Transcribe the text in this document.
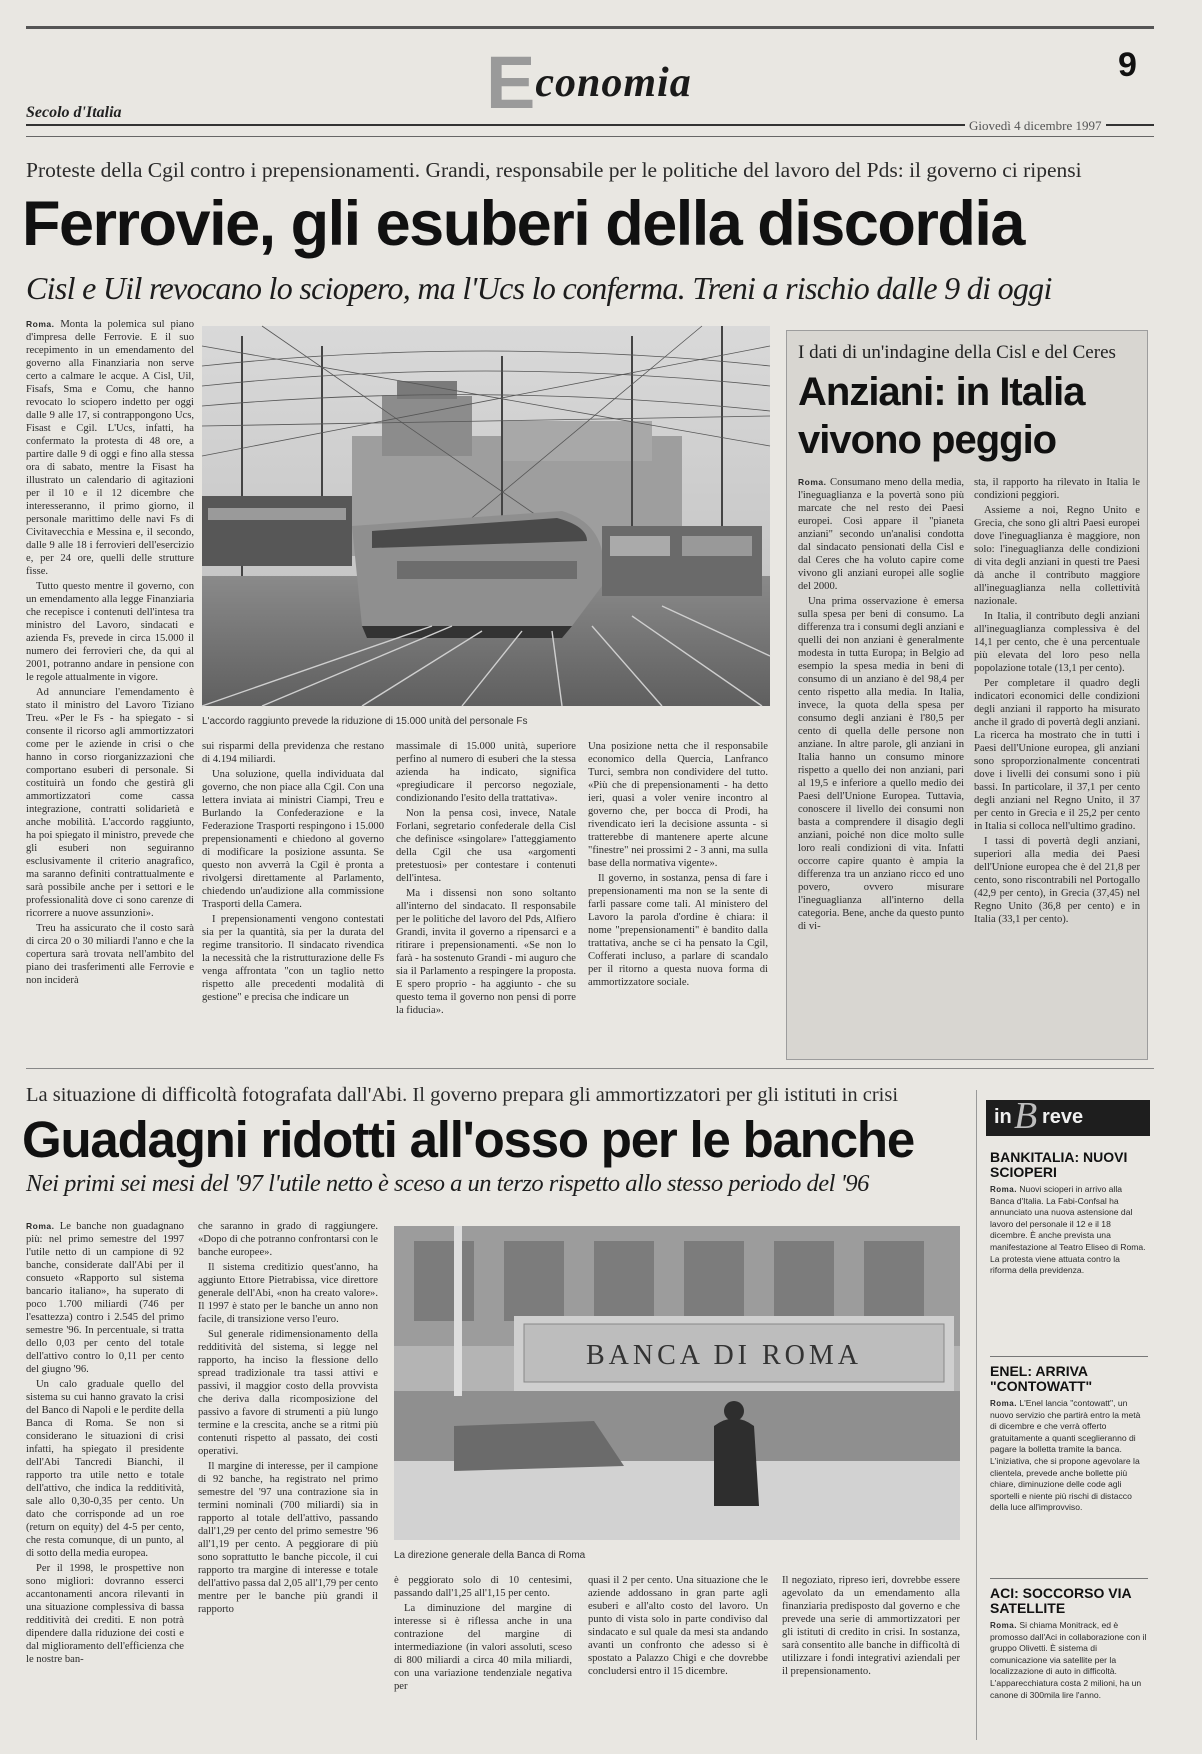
Economia	9
Secolo d'Italia
Giovedì 4 dicembre 1997
Proteste della Cgil contro i prepensionamenti. Grandi, responsabile per le politiche del lavoro del Pds: il governo ci ripensi
Ferrovie, gli esuberi della discordia
Cisl e Uil revocano lo sciopero, ma l'Ucs lo conferma. Treni a rischio dalle 9 di oggi

Roma. Monta la polemica sul piano d'impresa delle Ferrovie. E il suo recepimento in un emendamento del governo alla Finanziaria non serve certo a calmare le acque. A Cisl, Uil, Fisafs, Sma e Comu, che hanno revocato lo sciopero indetto per oggi dalle 9 alle 17, si contrappongono Ucs, Fisast e Cgil. L'Ucs, infatti, ha confermato la protesta di 48 ore, a partire dalle 9 di oggi e fino alla stessa ora di sabato, mentre la Fisast ha illustrato un calendario di agitazioni per il 10 e il 12 dicembre che interesseranno, il primo giorno, il personale marittimo delle navi Fs di Civitavecchia e Messina e, il secondo, dalle 9 alle 18 i ferrovieri dell'esercizio e, per 24 ore, quelli delle strutture fisse.

Tutto questo mentre il governo, con un emendamento alla legge Finanziaria che recepisce i contenuti dell'intesa tra ministro del Lavoro, sindacati e azienda Fs, prevede in circa 15.000 il numero dei ferrovieri che, da qui al 2001, potranno andare in pensione con le regole attualmente in vigore.

Ad annunciare l'emendamento è stato il ministro del Lavoro Tiziano Treu. «Per le Fs - ha spiegato - si consente il ricorso agli ammortizzatori come per le aziende in crisi o che hanno in corso riorganizzazioni che comportano esuberi di personale. Si costituirà un fondo che gestirà gli ammortizzatori come cassa integrazione, contratti solidarietà e anche mobilità. L'accordo raggiunto, ha poi spiegato il ministro, prevede che gli esuberi non seguiranno esclusivamente il criterio anagrafico, ma saranno definiti contrattualmente e sarà possibile anche per i settori e le professionalità dove ci sono carenze di ricorrere a nuove assunzioni».

Treu ha assicurato che il costo sarà di circa 20 o 30 miliardi l'anno e che la copertura sarà trovata nell'ambito del piano dei trasferimenti alle Ferrovie e non inciderà

L'accordo raggiunto prevede la riduzione di 15.000 unità del personale Fs

sui risparmi della previdenza che restano di 4.194 miliardi.

Una soluzione, quella individuata dal governo, che non piace alla Cgil. Con una lettera inviata ai ministri Ciampi, Treu e Burlando la Confederazione e la Federazione Trasporti respingono i 15.000 prepensionamenti e chiedono al governo di modificare la posizione assunta. Se questo non avverrà la Cgil è pronta a rivolgersi direttamente al Parlamento, chiedendo un'audizione alla commissione Trasporti della Camera.

I prepensionamenti vengono contestati sia per la quantità, sia per la durata del regime transitorio. Il sindacato rivendica la necessità che la ristrutturazione delle Fs venga affrontata "con un taglio netto rispetto alle precedenti modalità di gestione" e precisa che indicare un

massimale di 15.000 unità, superiore perfino al numero di esuberi che la stessa azienda ha indicato, significa «pregiudicare il percorso negoziale, condizionando l'esito della trattativa».

Non la pensa così, invece, Natale Forlani, segretario confederale della Cisl che definisce «singolare» l'atteggiamento della Cgil che usa «argomenti pretestuosi» per contestare i contenuti dell'intesa.

Ma i dissensi non sono soltanto all'interno del sindacato. Il responsabile per le politiche del lavoro del Pds, Alfiero Grandi, invita il governo a ripensarci e a ritirare i prepensionamenti. «Se non lo farà - ha sostenuto Grandi - mi auguro che sia il Parlamento a respingere la proposta. E spero proprio - ha aggiunto - che su questo tema il governo non pensi di porre la fiducia».

Una posizione netta che il responsabile economico della Quercia, Lanfranco Turci, sembra non condividere del tutto. «Più che di prepensionamenti - ha detto ieri, quasi a voler venire incontro al governo che, per bocca di Prodi, ha rivendicato ieri la decisione assunta - si tratterebbe di mantenere aperte alcune "finestre" nei prossimi 2 - 3 anni, ma sulla base della normativa vigente».

Il governo, in sostanza, pensa di fare i prepensionamenti ma non se la sente di farli passare come tali. Al ministero del Lavoro la parola d'ordine è chiara: il nome "prepensionamenti" è bandito dalla trattativa, anche se ci ha pensato la Cgil, Cofferati incluso, a parlare di scandalo per il ritorno a questa nuova forma di ammortizzatore sociale.

I dati di un'indagine della Cisl e del Ceres
Anziani: in Italia vivono peggio

Roma. Consumano meno della media, l'ineguaglianza e la povertà sono più marcate che nel resto dei Paesi europei. Così appare il "pianeta anziani" secondo un'analisi condotta dal sindacato pensionati della Cisl e dal Ceres che ha voluto capire come vivono gli anziani europei alle soglie del 2000.

Una prima osservazione è emersa sulla spesa per beni di consumo. La differenza tra i consumi degli anziani e quelli dei non anziani è generalmente modesta in tutta Europa; in Belgio ad esempio la spesa media in beni di consumo di un anziano è del 98,4 per cento rispetto alla media. In Italia, invece, la quota della spesa per consumo degli anziani è l'80,5 per cento di quella delle persone non anziane. In altre parole, gli anziani in Italia hanno un consumo minore rispetto a quello dei non anziani, pari al 19,5 e inferiore a quello medio dei Paesi dell'Unione Europea. Tuttavia, conoscere il livello dei consumi non basta a comprendere il disagio degli anziani, poiché non dice molto sulle loro reali condizioni di vita. Infatti occorre capire quanto è ampia la differenza tra un anziano ricco ed uno povero, ovvero misurare l'ineguaglianza all'interno della categoria. Bene, anche da questo punto di vi-

sta, il rapporto ha rilevato in Italia le condizioni peggiori.

Assieme a noi, Regno Unito e Grecia, che sono gli altri Paesi europei dove l'ineguaglianza è maggiore, non solo: l'ineguaglianza delle condizioni di vita degli anziani in questi tre Paesi dà anche il contributo maggiore all'ineguaglianza nella collettività nazionale.

In Italia, il contributo degli anziani all'ineguaglianza complessiva è del 14,1 per cento, che è una percentuale più elevata del loro peso nella popolazione totale (13,1 per cento).

Per completare il quadro degli indicatori economici delle condizioni degli anziani il rapporto ha misurato anche il grado di povertà degli anziani. La ricerca ha mostrato che in tutti i Paesi dell'Unione europea, gli anziani sono sproporzionalmente concentrati dove i livelli dei consumi sono i più bassi. In particolare, il 37,1 per cento degli anziani nel Regno Unito, il 37 per cento in Grecia e il 25,2 per cento in Italia si colloca nell'ultimo gradino.

I tassi di povertà degli anziani, superiori alla media dei Paesi dell'Unione europea che è del 21,8 per cento, sono riscontrabili nel Portogallo (42,9 per cento), in Grecia (37,45) nel Regno Unito (36,8 per cento) e in Italia (33,1 per cento).

La situazione di difficoltà fotografata dall'Abi. Il governo prepara gli ammortizzatori per gli istituti in crisi
Guadagni ridotti all'osso per le banche
Nei primi sei mesi del '97 l'utile netto è sceso a un terzo rispetto allo stesso periodo del '96

Roma. Le banche non guadagnano più: nel primo semestre del 1997 l'utile netto di un campione di 92 banche, considerate dall'Abi per il consueto «Rapporto sul sistema bancario italiano», ha superato di poco 1.700 miliardi (746 per l'esattezza) contro i 2.545 del primo semestre '96. In percentuale, si tratta dello 0,03 per cento del totale dell'attivo contro lo 0,11 per cento del giugno '96.

Un calo graduale quello del sistema su cui hanno gravato la crisi del Banco di Napoli e le perdite della Banca di Roma. Se non si considerano le situazioni di crisi infatti, ha spiegato il presidente dell'Abi Tancredi Bianchi, il rapporto tra utile netto e totale dell'attivo, che indica la redditività, sale allo 0,30-0,35 per cento. Un dato che corrisponde ad un roe (return on equity) del 4-5 per cento, che resta comunque, di un punto, al di sotto della media europea.

Per il 1998, le prospettive non sono migliori: dovranno esserci accantonamenti ancora rilevanti in una situazione complessiva di bassa redditività dei crediti. E non potrà dipendere dalla riduzione dei costi e dal miglioramento dell'efficienza che le nostre ban-

che saranno in grado di raggiungere. «Dopo di che potranno confrontarsi con le banche europee».

Il sistema creditizio quest'anno, ha aggiunto Ettore Pietrabissa, vice direttore generale dell'Abi, «non ha creato valore». Il 1997 è stato per le banche un anno non facile, di transizione verso l'euro.

Sul generale ridimensionamento della redditività del sistema, si legge nel rapporto, ha inciso la flessione dello spread tradizionale tra tassi attivi e passivi, il maggior costo della provvista che deriva dalla ricomposizione del passivo a favore di strumenti a più lungo termine e la crescita, anche se a ritmi più contenuti rispetto al passato, dei costi operativi.

Il margine di interesse, per il campione di 92 banche, ha registrato nel primo semestre del '97 una contrazione sia in termini nominali (700 miliardi) sia in rapporto al totale dell'attivo, passando dall'1,29 per cento del primo semestre '96 all'1,19 per cento. A peggiorare di più sono soprattutto le banche piccole, il cui rapporto tra margine di interesse e totale dell'attivo passa dal 2,05 all'1,79 per cento mentre per le banche più grandi il rapporto

BANCA DI ROMA
La direzione generale della Banca di Roma

è peggiorato solo di 10 centesimi, passando dall'1,25 all'1,15 per cento.

La diminuzione del margine di interesse si è riflessa anche in una contrazione del margine di intermediazione (in valori assoluti, sceso di 800 miliardi a circa 40 mila miliardi, con una variazione tendenziale negativa per

quasi il 2 per cento. Una situazione che le aziende addossano in gran parte agli esuberi e all'alto costo del lavoro. Un punto di vista solo in parte condiviso dal sindacato e sul quale da mesi sta andando avanti un confronto che adesso si è spostato a Palazzo Chigi e che dovrebbe concludersi entro il 15 dicembre.

Il negoziato, ripreso ieri, dovrebbe essere agevolato da un emendamento alla finanziaria predisposto dal governo e che prevede una serie di ammortizzatori per gli istituti di credito in crisi. In sostanza, sarà consentito alle banche in difficoltà di utilizzare i fondi integrativi aziendali per il prepensionamento.

in B reve

BANKITALIA: NUOVI SCIOPERI

Roma. Nuovi scioperi in arrivo alla Banca d'Italia. La Fabi-Confsal ha annunciato una nuova astensione dal lavoro del personale il 12 e il 18 dicembre. È anche prevista una manifestazione al Teatro Eliseo di Roma. La protesta viene attuata contro la riforma della previdenza.

ENEL: ARRIVA "CONTOWATT"

Roma. L'Enel lancia "contowatt", un nuovo servizio che partirà entro la metà di dicembre e che verrà offerto gratuitamente a quanti sceglieranno di pagare la bolletta tramite la banca. L'iniziativa, che si propone agevolare la clientela, prevede anche bollette più chiare, diminuzione delle code agli sportelli e niente più rischi di distacco della luce all'improvviso.

ACI: SOCCORSO VIA SATELLITE

Roma. Si chiama Monitrack, ed è promosso dall'Aci in collaborazione con il gruppo Olivetti. È sistema di comunicazione via satellite per la localizzazione di auto in difficoltà. L'apparecchiatura costa 2 milioni, ha un canone di 300mila lire l'anno.
